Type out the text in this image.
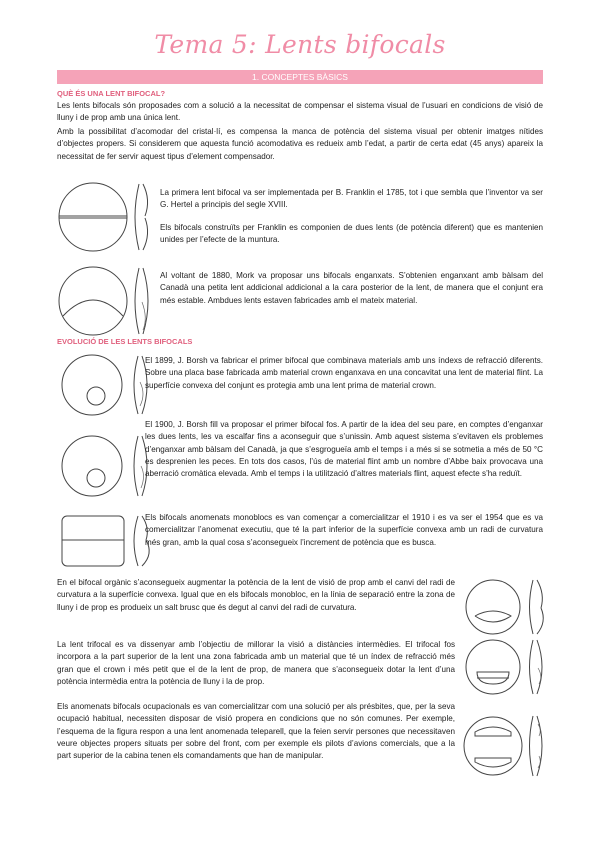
Tema 5: Lents bifocals
1. CONCEPTES BÀSICS
QUÈ ÉS UNA LENT BIFOCAL?

Les lents bifocals són proposades com a solució a la necessitat de compensar el sistema visual de l’usuari en condicions de visió de lluny i de prop amb una única lent.

Amb la possibilitat d’acomodar del cristal·lí, es compensa la manca de potència del sistema visual per obtenir imatges nítides d’objectes propers. Si considerem que aquesta funció acomodativa es redueix amb l’edat, a partir de certa edat (45 anys) apareix la necessitat de fer servir aquest tipus d’element compensador.

La primera lent bifocal va ser implementada per B. Franklin el 1785, tot i que sembla que l’inventor va ser G. Hertel a principis del segle XVIII.

Els bifocals construïts per Franklin es componien de dues lents (de potència diferent) que es mantenien unides per l’efecte de la muntura.

Al voltant de 1880, Mork va proposar uns bifocals enganxats. S’obtenien enganxant amb bàlsam del Canadà una petita lent addicional addicional a la cara posterior de la lent, de manera que el conjunt era més estable. Ambdues lents estaven fabricades amb el mateix material.

EVOLUCIÓ DE LES LENTS BIFOCALS

El 1899, J. Borsh va fabricar el primer bifocal que combinava materials amb uns índexs de refracció diferents. Sobre una placa base fabricada amb material crown enganxava en una concavitat una lent de material flint. La superfície convexa del conjunt es protegia amb una lent prima de material crown.

El 1900, J. Borsh fill va proposar el primer bifocal fos. A partir de la idea del seu pare, en comptes d’enganxar les dues lents, les va escalfar fins a aconseguir que s’unissin. Amb aquest sistema s’evitaven els problemes d’enganxar amb bàlsam del Canadà, ja que s’esgrogueïa amb el temps i a més si se sotmetia a més de 50 °C es desprenien les peces. En tots dos casos, l’ús de material flint amb un nombre d’Abbe baix provocava una aberració cromàtica elevada. Amb el temps i la utilització d’altres materials flint, aquest efecte s’ha reduït.

Els bifocals anomenats monoblocs es van començar a comercialitzar el 1910 i es va ser el 1954 que es va comercialitzar l’anomenat executiu, que té la part inferior de la superfície convexa amb un radi de curvatura més gran, amb la qual cosa s’aconsegueix l’increment de potència que es busca.

En el bifocal orgànic s’aconsegueix augmentar la potència de la lent de visió de prop amb el canvi del radi de curvatura a la superfície convexa. Igual que en els bifocals monobloc, en la línia de separació entre la zona de lluny i de prop es produeix un salt brusc que és degut al canvi del radi de curvatura.

La lent trifocal es va dissenyar amb l’objectiu de millorar la visió a distàncies intermèdies. El trifocal fos incorpora a la part superior de la lent una zona fabricada amb un material que té un índex de refracció més gran que el crown i més petit que el de la lent de prop, de manera que s’aconsegueix dotar la lent d’una potència intermèdia entra la potència de lluny i la de prop.

Els anomenats bifocals ocupacionals es van comercialitzar com una solució per als présbites, que, per la seva ocupació habitual, necessiten disposar de visió propera en condicions que no són comunes. Per exemple, l’esquema de la figura respon a una lent anomenada teleparell, que la feien servir persones que necessitaven veure objectes propers situats per sobre del front, com per exemple els pilots d’avions comercials, que a la part superior de la cabina tenen els comandaments que han de manipular.
